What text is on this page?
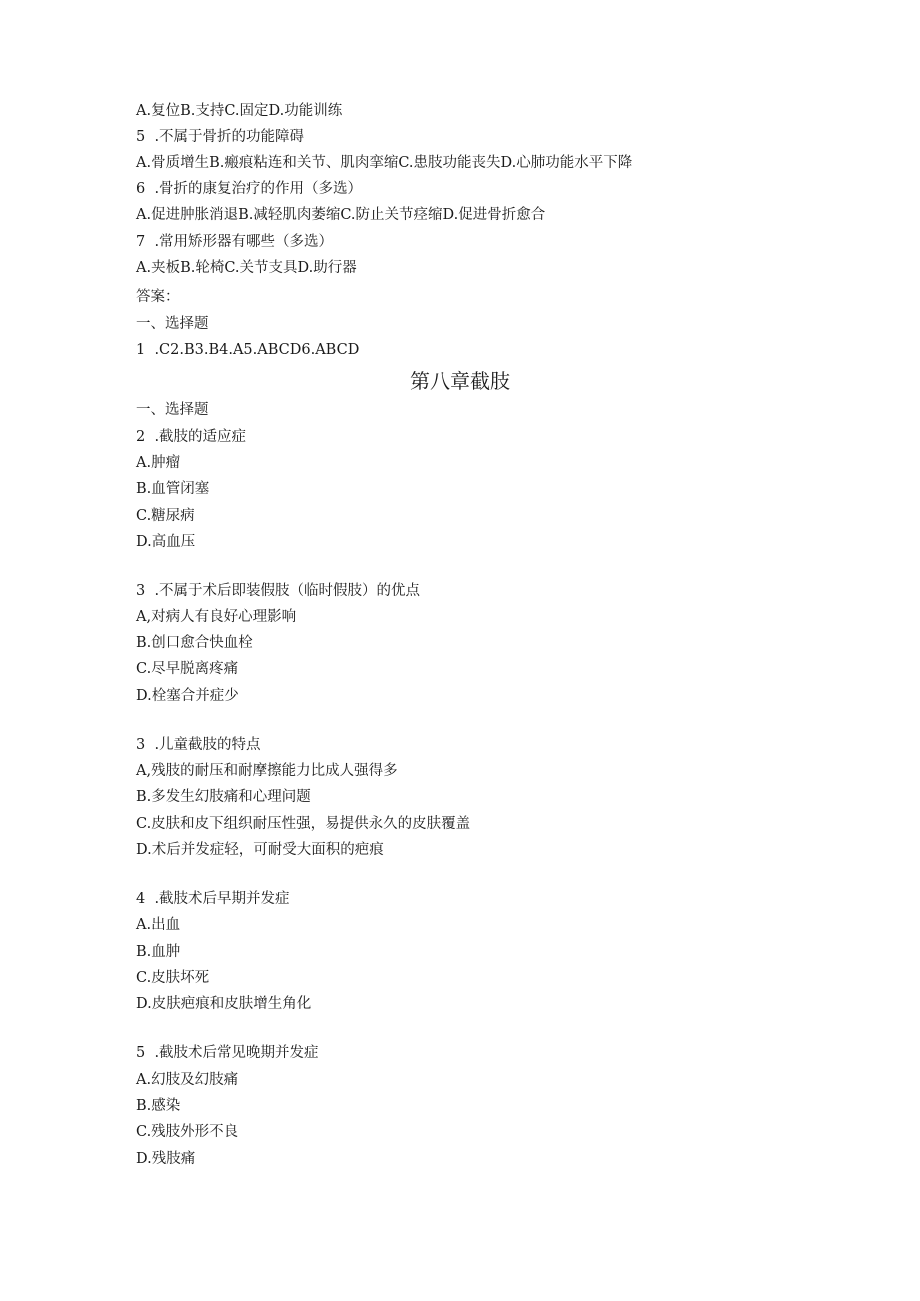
A.复位B.支持C.固定D.功能训练
5	.不属于骨折的功能障碍
A.骨质增生B.瘢痕粘连和关节、肌肉挛缩C.患肢功能丧失D.心肺功能水平下降
6	.骨折的康复治疗的作用（多选）
A.促进肿胀消退B.减轻肌肉萎缩C.防止关节痉缩D.促进骨折愈合
7	.常用矫形器有哪些（多选）
A.夹板B.轮椅C.关节支具D.助行器
答案：
一、选择题
1	.C2.B3.B4.A5.ABCD6.ABCD
第八章截肢
一、选择题
2	.截肢的适应症
A.肿瘤
B.血管闭塞
C.糖尿病
D.高血压
3	.不属于术后即装假肢（临时假肢）的优点
A,对病人有良好心理影响
B.创口愈合快血栓
C.尽早脱离疼痛
D.栓塞合并症少
3	.儿童截肢的特点
A,残肢的耐压和耐摩擦能力比成人强得多
B.多发生幻肢痛和心理问题
C.皮肤和皮下组织耐压性强，易提供永久的皮肤覆盖
D.术后并发症轻，可耐受大面积的疤痕
4	.截肢术后早期并发症
A.出血
B.血肿
C.皮肤坏死
D.皮肤疤痕和皮肤增生角化
5	.截肢术后常见晚期并发症
A.幻肢及幻肢痛
B.感染
C.残肢外形不良
D.残肢痛
